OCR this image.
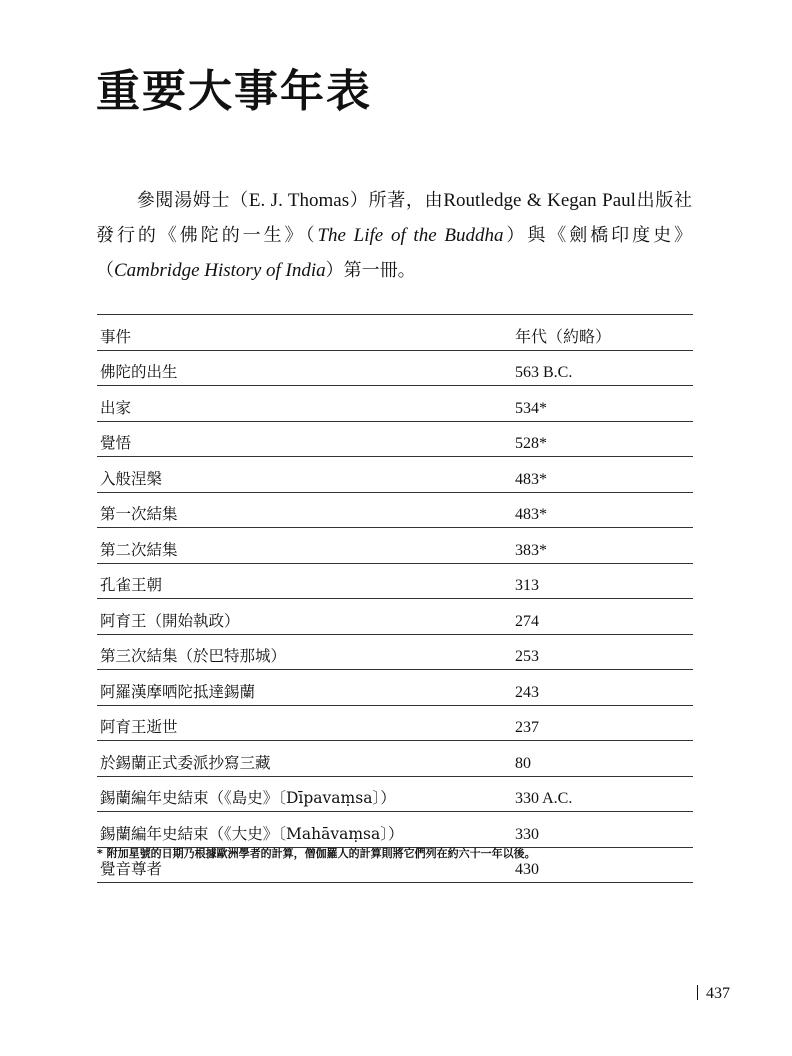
重要大事年表

參閱湯姆士（E. J. Thomas）所著，由Routledge & Kegan Paul出版社發行的《佛陀的一生》（The Life of the Buddha）與《劍橋印度史》（Cambridge History of India）第一冊。

事件	年代（約略）
佛陀的出生	563 B.C.
出家	534*
覺悟	528*
入般涅槃	483*
第一次結集	483*
第二次結集	383*
孔雀王朝	313
阿育王（開始執政）	274
第三次結集（於巴特那城）	253
阿羅漢摩哂陀抵達錫蘭	243
阿育王逝世	237
於錫蘭正式委派抄寫三藏	80
錫蘭編年史結束（《島史》〔Dīpavaṃsa〕）	330 A.C.
錫蘭編年史結束（《大史》〔Mahāvaṃsa〕）	330
覺音尊者	430

* 附加星號的日期乃根據歐洲學者的計算，僧伽羅人的計算則將它們列在約六十一年以後。

437
